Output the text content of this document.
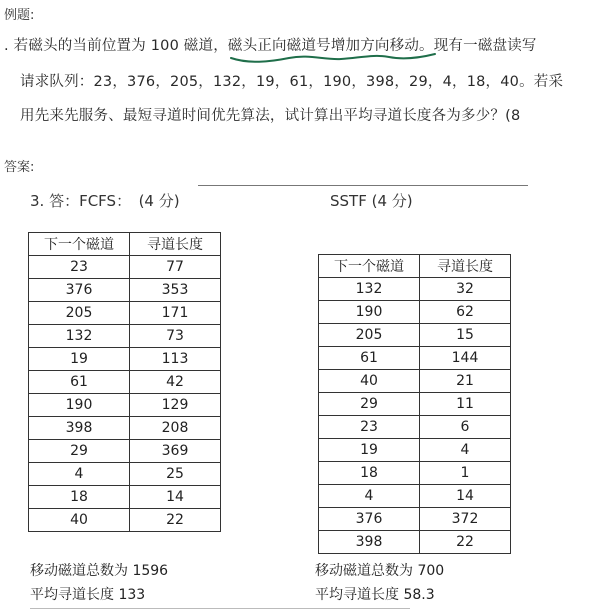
例题:
. 若磁头的当前位置为 100 磁道，磁头正向磁道号增加方向移动。现有一磁盘读写
请求队列：23，376，205，132，19，61，190，398，29，4，18，40。若采
用先来先服务、最短寻道时间优先算法，试计算出平均寻道长度各为多少？(8
答案:
3. 答：FCFS：　(4 分)	SSTF (4 分)
下一个磁道	寻道长度
23	77
376	353
205	171
132	73
19	113
61	42
190	129
398	208
29	369
4	25
18	14
40	22
下一个磁道	寻道长度
132	32
190	62
205	15
61	144
40	21
29	11
23	6
19	4
18	1
4	14
376	372
398	22
移动磁道总数为 1596
平均寻道长度 133
移动磁道总数为 700
平均寻道长度 58.3
